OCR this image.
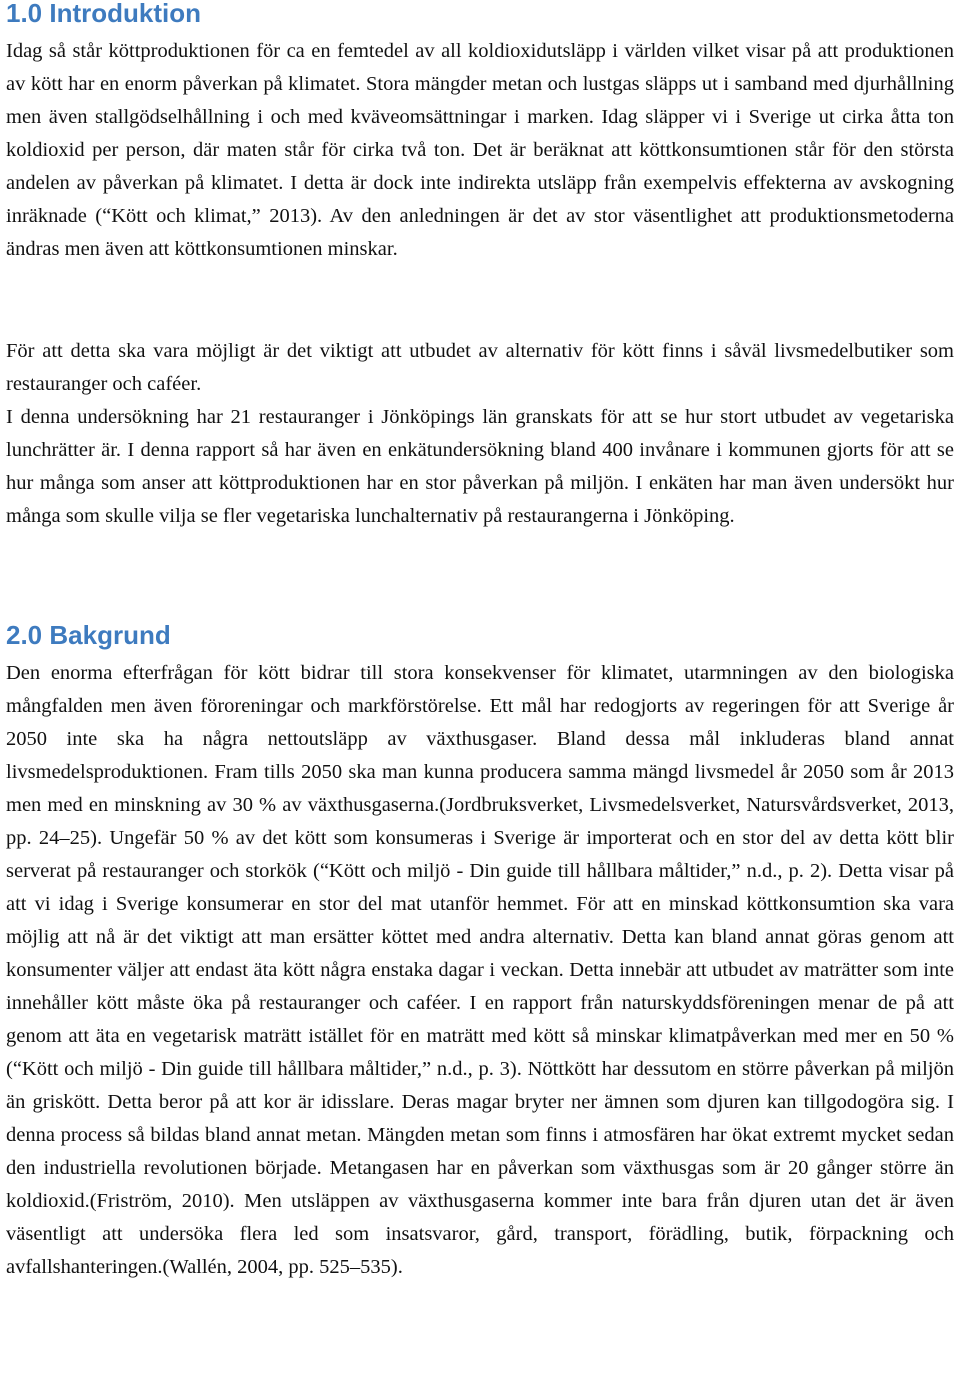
1.0 Introduktion

Idag så står köttproduktionen för ca en femtedel av all koldioxidutsläpp i världen vilket visar på att produktionen av kött har en enorm påverkan på klimatet. Stora mängder metan och lustgas släpps ut i samband med djurhållning men även stallgödselhållning i och med kväveomsättningar i marken. Idag släpper vi i Sverige ut cirka åtta ton koldioxid per person, där maten står för cirka två ton. Det är beräknat att köttkonsumtionen står för den största andelen av påverkan på klimatet. I detta är dock inte indirekta utsläpp från exempelvis effekterna av avskogning inräknade (“Kött och klimat,” 2013). Av den anledningen är det av stor väsentlighet att produktionsmetoderna ändras men även att köttkonsumtionen minskar.

För att detta ska vara möjligt är det viktigt att utbudet av alternativ för kött finns i såväl livsmedelbutiker som restauranger och caféer.

I denna undersökning har 21 restauranger i Jönköpings län granskats för att se hur stort utbudet av vegetariska lunchrätter är. I denna rapport så har även en enkätundersökning bland 400 invånare i kommunen gjorts för att se hur många som anser att köttproduktionen har en stor påverkan på miljön. I enkäten har man även undersökt hur många som skulle vilja se fler vegetariska lunchalternativ på restaurangerna i Jönköping.

2.0 Bakgrund

Den enorma efterfrågan för kött bidrar till stora konsekvenser för klimatet, utarmningen av den biologiska mångfalden men även föroreningar och markförstörelse. Ett mål har redogjorts av regeringen för att Sverige år 2050 inte ska ha några nettoutsläpp av växthusgaser. Bland dessa mål inkluderas bland annat livsmedelsproduktionen. Fram tills 2050 ska man kunna producera samma mängd livsmedel år 2050 som år 2013 men med en minskning av 30 % av växthusgaserna.(Jordbruksverket, Livsmedelsverket, Natursvårdsverket, 2013, pp. 24–25). Ungefär 50 % av det kött som konsumeras i Sverige är importerat och en stor del av detta kött blir serverat på restauranger och storkök (“Kött och miljö - Din guide till hållbara måltider,” n.d., p. 2). Detta visar på att vi idag i Sverige konsumerar en stor del mat utanför hemmet. För att en minskad köttkonsumtion ska vara möjlig att nå är det viktigt att man ersätter köttet med andra alternativ. Detta kan bland annat göras genom att konsumenter väljer att endast äta kött några enstaka dagar i veckan. Detta innebär att utbudet av maträtter som inte innehåller kött måste öka på restauranger och caféer. I en rapport från naturskyddsföreningen menar de på att genom att äta en vegetarisk maträtt istället för en maträtt med kött så minskar klimatpåverkan med mer en 50 % (“Kött och miljö - Din guide till hållbara måltider,” n.d., p. 3). Nöttkött har dessutom en större påverkan på miljön än griskött. Detta beror på att kor är idisslare. Deras magar bryter ner ämnen som djuren kan tillgodogöra sig. I denna process så bildas bland annat metan. Mängden metan som finns i atmosfären har ökat extremt mycket sedan den industriella revolutionen började. Metangasen har en påverkan som växthusgas som är 20 gånger större än koldioxid.(Friström, 2010). Men utsläppen av växthusgaserna kommer inte bara från djuren utan det är även väsentligt att undersöka flera led som insatsvaror, gård, transport, förädling, butik, förpackning och avfallshanteringen.(Wallén, 2004, pp. 525–535).
